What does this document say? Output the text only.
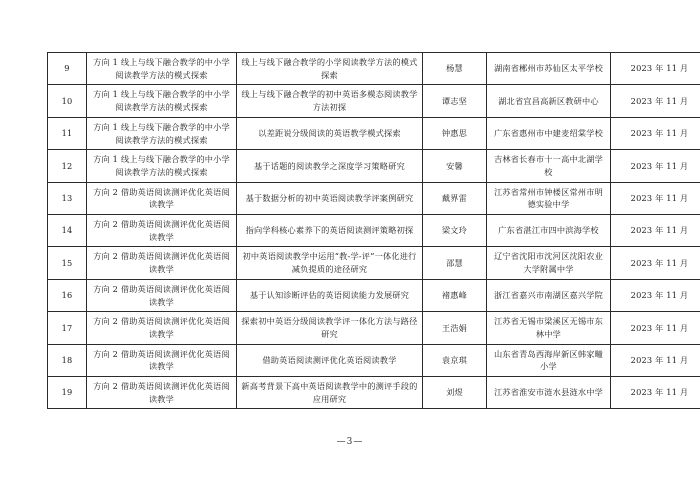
9	方向 1 线上与线下融合教学的中小学阅读教学方法的模式探索	线上与线下融合教学的小学阅读教学方法的模式探索	杨慧	湖南省郴州市苏仙区太平学校	2023 年 11 月
10	方向 1 线上与线下融合教学的中小学阅读教学方法的模式探索	线上与线下融合教学的初中英语多模态阅读教学方法初探	谭志坚	湖北省宜昌高新区教研中心	2023 年 11 月
11	方向 1 线上与线下融合教学的中小学阅读教学方法的模式探索	以差距说分级阅读的英语教学模式探索	钟惠思	广东省惠州市中建麦绍棠学校	2023 年 11 月
12	方向 1 线上与线下融合教学的中小学阅读教学方法的模式探索	基于话题的阅读教学之深度学习策略研究	安馨	吉林省长春市十一高中北湖学校	2023 年 11 月
13	方向 2 借助英语阅读测评优化英语阅读教学	基于数据分析的初中英语阅读教学评案例研究	戴界雷	江苏省常州市钟楼区常州市明德实验中学	2023 年 11 月
14	方向 2 借助英语阅读测评优化英语阅读教学	指向学科核心素养下的英语阅读测评策略初探	梁文玲	广东省湛江市四中滨海学校	2023 年 11 月
15	方向 2 借助英语阅读测评优化英语阅读教学	初中英语阅读教学中运用“教-学-评”一体化进行减负提质的途径研究	邵慧	辽宁省沈阳市沈河区沈阳农业大学附属中学	2023 年 11 月
16	方向 2 借助英语阅读测评优化英语阅读教学	基于认知诊断评估的英语阅读能力发展研究	褚惠峰	浙江省嘉兴市南湖区嘉兴学院	2023 年 11 月
17	方向 2 借助英语阅读测评优化英语阅读教学	探索初中英语分级阅读教学评一体化方法与路径研究	王浩娟	江苏省无锡市梁溪区无锡市东林中学	2023 年 11 月
18	方向 2 借助英语阅读测评优化英语阅读教学	借助英语阅读测评优化英语阅读教学	袁京琪	山东省青岛西海岸新区韩家疃小学	2023 年 11 月
19	方向 2 借助英语阅读测评优化英语阅读教学	新高考背景下高中英语阅读教学中的测评手段的应用研究	刘煜	江苏省淮安市涟水县涟水中学	2023 年 11 月
—3—
